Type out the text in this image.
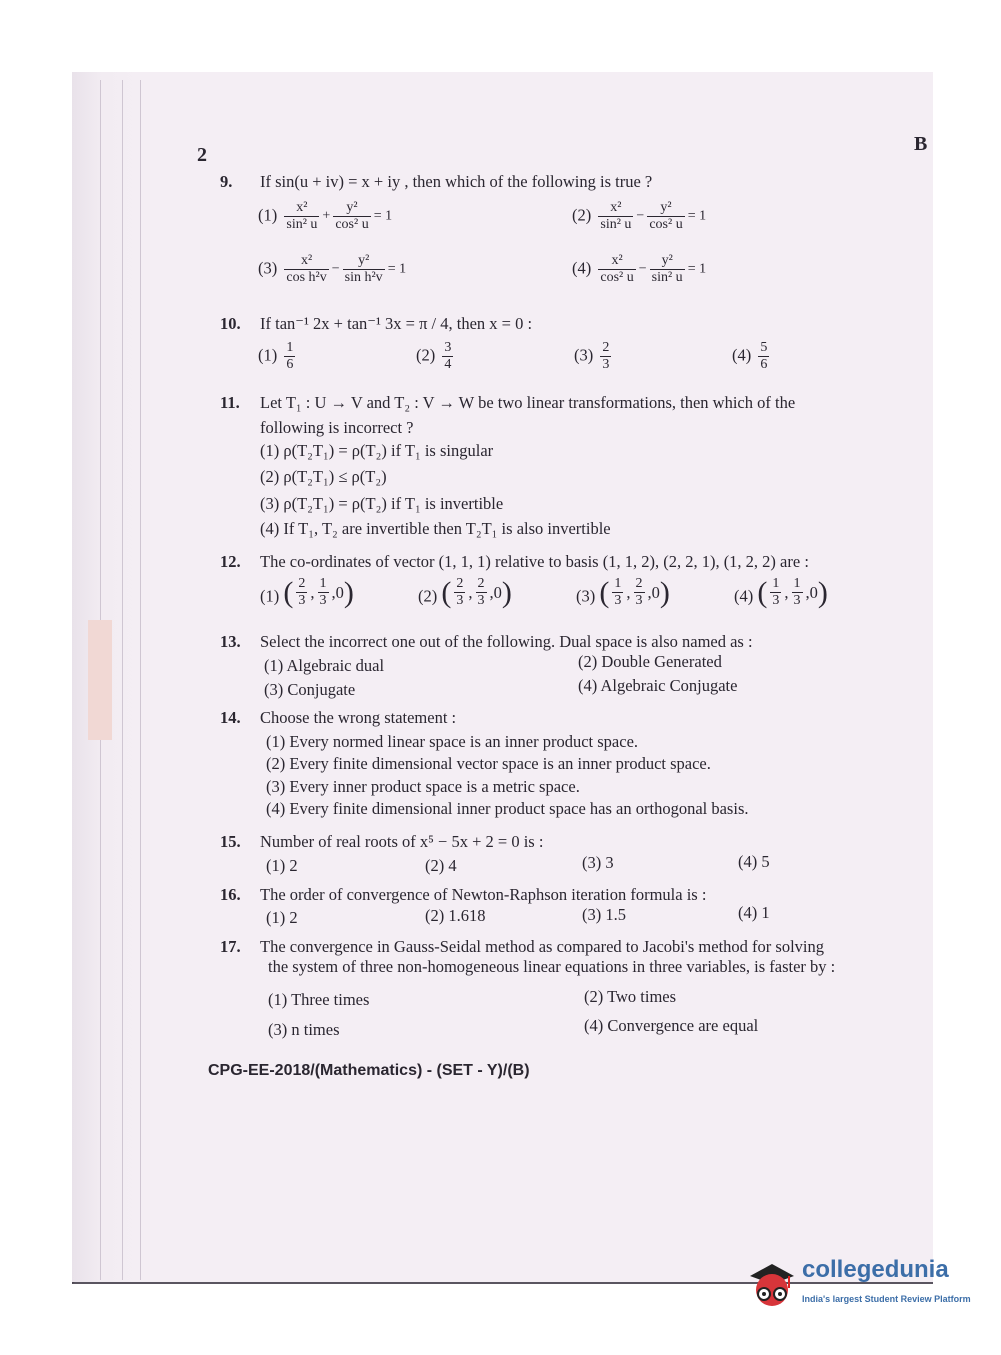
2	B
9. If sin(u + iv) = x + iy , then which of the following is true ?
$(1) \frac{\text{x²}}{\text{sin² u}} + \frac{\text{y²}}{\text{cos² u}} = 1$	$(2) \frac{\text{x²}}{\text{sin² u}} - \frac{\text{y²}}{\text{cos² u}} = 1$
$(3) \frac{\text{x²}}{\text{cos h²v}} - \frac{\text{y²}}{\text{sin h²v}} = 1$	$(4) \frac{\text{x²}}{\text{cos² u}} - \frac{\text{y²}}{\text{sin² u}} = 1$
10. If tan⁻¹ 2x + tan⁻¹ 3x = π / 4, then x = 0 :
$(1) \frac{1}{6}$	$(2) \frac{3}{4}$	$(3) \frac{2}{3}$	$(4) \frac{5}{6}$
11. Let T₁ : U → V and T₂ : V → W be two linear transformations, then which of the
following is incorrect ?
(1) ρ(T₂T₁) = ρ(T₂) if T₁ is singular
(2) ρ(T₂T₁) ≤ ρ(T₂)
(3) ρ(T₂T₁) = ρ(T₂) if T₁ is invertible
(4) If T₁, T₂ are invertible then T₂T₁ is also invertible
12. The co-ordinates of vector (1, 1, 1) relative to basis (1, 1, 2), (2, 2, 1), (1, 2, 2) are :
(1) ( $\frac{2}{3}$ , $\frac{1}{3}$ , 0 )	(2) ( $\frac{2}{3}$ , $\frac{2}{3}$ , 0 )	(3) ( $\frac{1}{3}$ , $\frac{2}{3}$ , 0 )	(4) ( $\frac{1}{3}$ , $\frac{1}{3}$ , 0 )
13. Select the incorrect one out of the following. Dual space is also named as :
(1) Algebraic dual	(2) Double Generated
(3) Conjugate	(4) Algebraic Conjugate
14. Choose the wrong statement :
(1) Every normed linear space is an inner product space.
(2) Every finite dimensional vector space is an inner product space.
(3) Every inner product space is a metric space.
(4) Every finite dimensional inner product space has an orthogonal basis.
15. Number of real roots of x⁵ − 5x + 2 = 0 is :
(1) 2	(2) 4	(3) 3	(4) 5
16. The order of convergence of Newton-Raphson iteration formula is :
(1) 2	(2) 1.618	(3) 1.5	(4) 1
17. The convergence in Gauss-Seidal method as compared to Jacobi's method for solving
the system of three non-homogeneous linear equations in three variables, is faster by :
(1) Three times	(2) Two times
(3) n times	(4) Convergence are equal
CPG-EE-2018/(Mathematics) - (SET - Y)/(B)
collegedunia
India's largest Student Review Platform
